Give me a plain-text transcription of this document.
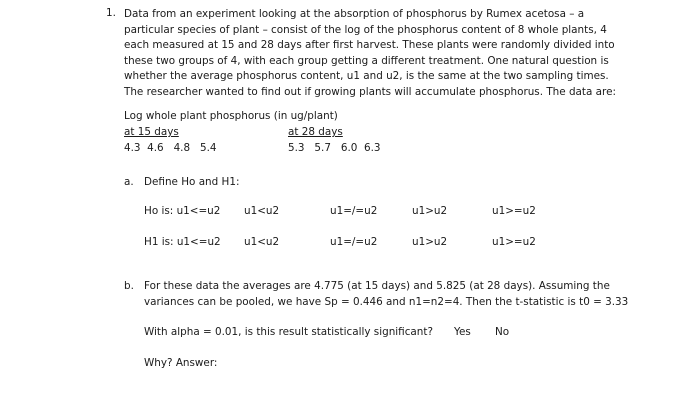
1. Data from an experiment looking at the absorption of phosphorus by Rumex acetosa – a
particular species of plant – consist of the log of the phosphorus content of 8 whole plants, 4
each measured at 15 and 28 days after first harvest. These plants were randomly divided into
these two groups of 4, with each group getting a different treatment. One natural question is
whether the average phosphorus content, u1 and u2, is the same at the two sampling times.
The researcher wanted to find out if growing plants will accumulate phosphorus. The data are:
Log whole plant phosphorus (in ug/plant)
at 15 days	at 28 days
4.3  4.6   4.8   5.4	5.3   5.7   6.0  6.3
a. Define Ho and H1:
Ho is: u1<=u2 u1<u2	u1=/=u2	u1>u2	u1>=u2
H1 is: u1<=u2 u1<u2	u1=/=u2	u1>u2	u1>=u2
b. For these data the averages are 4.775 (at 15 days) and 5.825 (at 28 days). Assuming the
variances can be pooled, we have Sp = 0.446 and n1=n2=4. Then the t-statistic is t0 = 3.33
With alpha = 0.01, is this result statistically significant? Yes No
Why? Answer:
